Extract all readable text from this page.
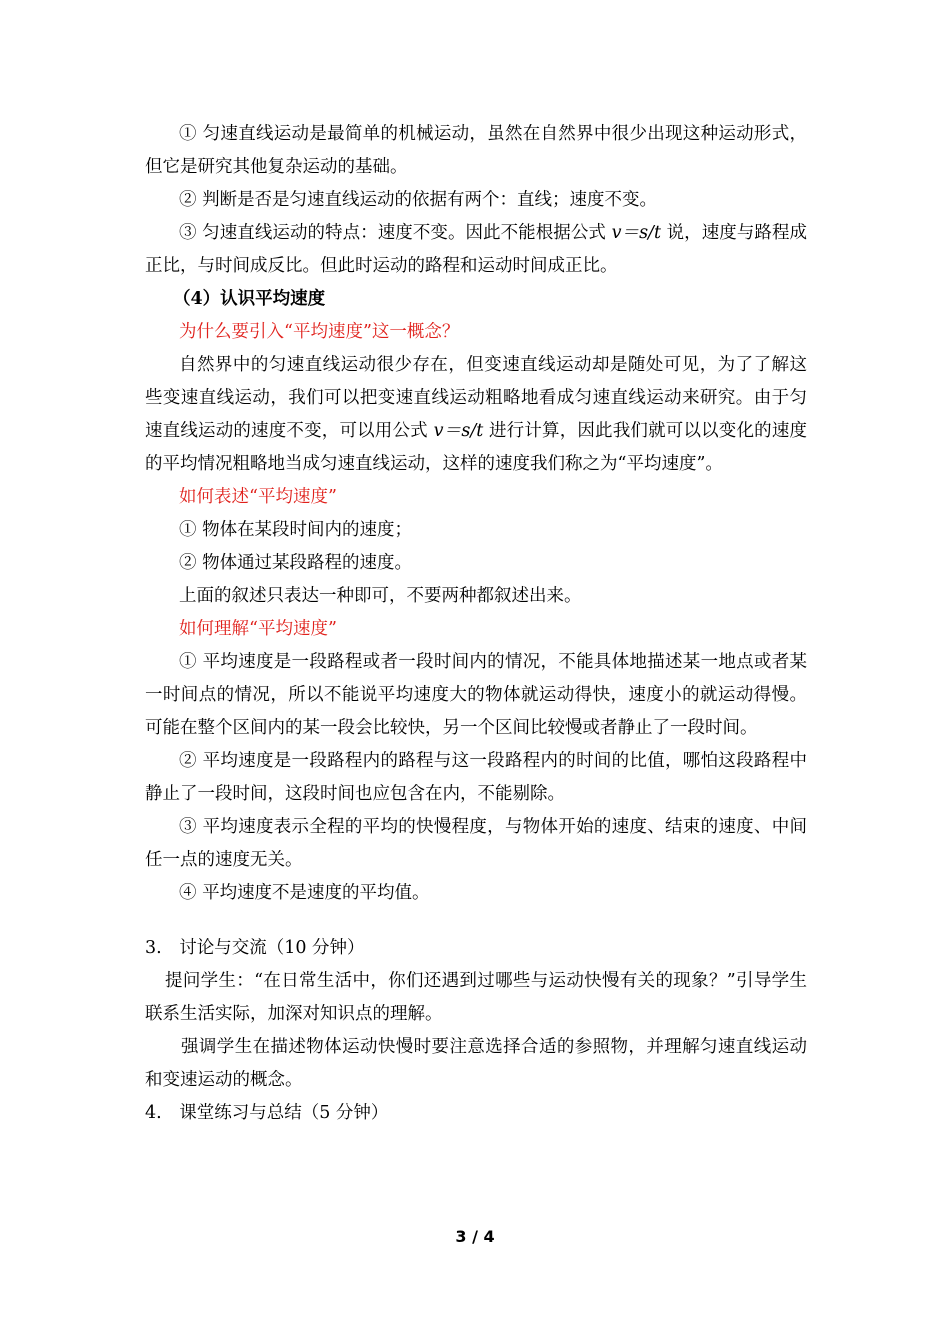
① 匀速直线运动是最简单的机械运动，虽然在自然界中很少出现这种运动形式，但它是研究其他复杂运动的基础。

② 判断是否是匀速直线运动的依据有两个：直线；速度不变。

③ 匀速直线运动的特点：速度不变。因此不能根据公式 v＝s/t 说，速度与路程成正比，与时间成反比。但此时运动的路程和运动时间成正比。

（4）认识平均速度

为什么要引入“平均速度”这一概念？

自然界中的匀速直线运动很少存在，但变速直线运动却是随处可见，为了了解这些变速直线运动，我们可以把变速直线运动粗略地看成匀速直线运动来研究。由于匀速直线运动的速度不变，可以用公式 v＝s/t 进行计算，因此我们就可以以变化的速度的平均情况粗略地当成匀速直线运动，这样的速度我们称之为“平均速度”。

如何表述“平均速度”

① 物体在某段时间内的速度；

② 物体通过某段路程的速度。

上面的叙述只表达一种即可，不要两种都叙述出来。

如何理解“平均速度”

① 平均速度是一段路程或者一段时间内的情况，不能具体地描述某一地点或者某一时间点的情况，所以不能说平均速度大的物体就运动得快，速度小的就运动得慢。可能在整个区间内的某一段会比较快，另一个区间比较慢或者静止了一段时间。

② 平均速度是一段路程内的路程与这一段路程内的时间的比值，哪怕这段路程中静止了一段时间，这段时间也应包含在内，不能剔除。

③ 平均速度表示全程的平均的快慢程度，与物体开始的速度、结束的速度、中间任一点的速度无关。

④ 平均速度不是速度的平均值。

3.　讨论与交流（10 分钟）

提问学生：“在日常生活中，你们还遇到过哪些与运动快慢有关的现象？”引导学生联系生活实际，加深对知识点的理解。

强调学生在描述物体运动快慢时要注意选择合适的参照物，并理解匀速直线运动和变速运动的概念。

4.　课堂练习与总结（5 分钟）

3 / 4
